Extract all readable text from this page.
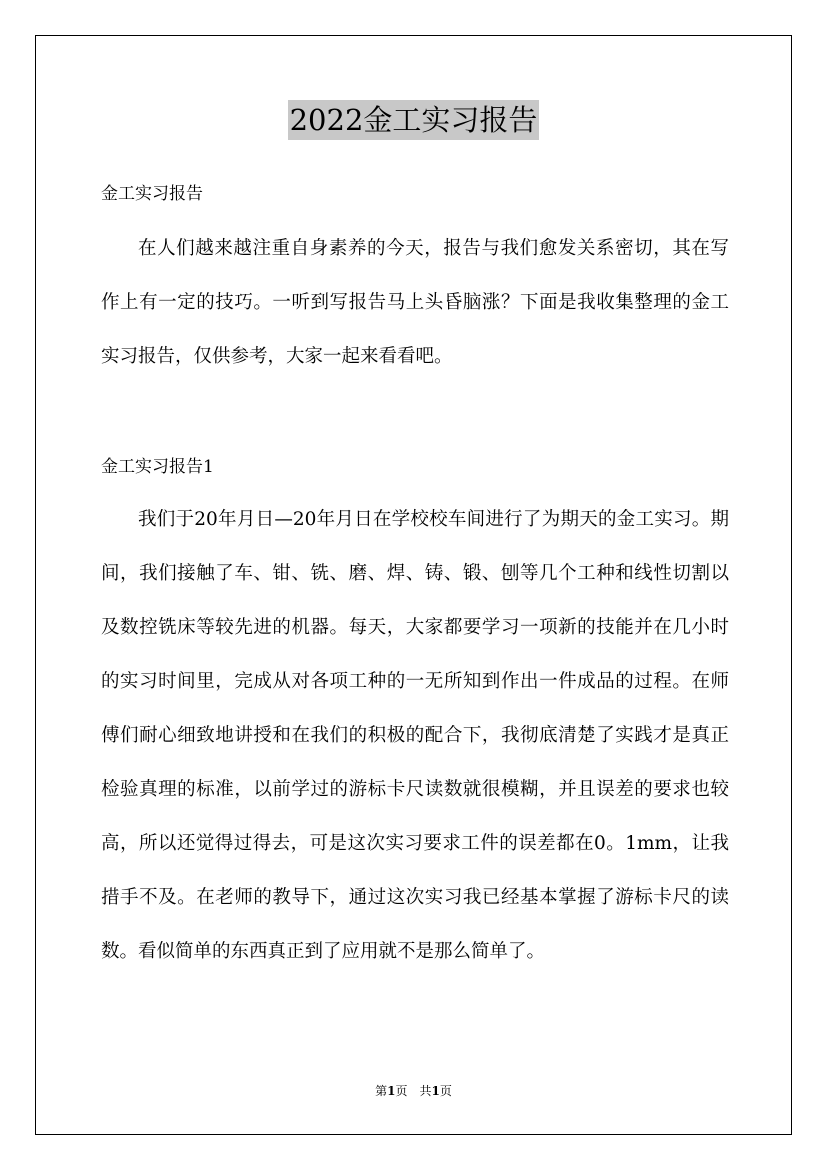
2022金工实习报告
金工实习报告

在人们越来越注重自身素养的今天，报告与我们愈发关系密切，其在写作上有一定的技巧。一听到写报告马上头昏脑涨？下面是我收集整理的金工实习报告，仅供参考，大家一起来看看吧。

金工实习报告1

我们于20年月日—20年月日在学校校车间进行了为期天的金工实习。期间，我们接触了车、钳、铣、磨、焊、铸、锻、刨等几个工种和线性切割以及数控铣床等较先进的机器。每天，大家都要学习一项新的技能并在几小时的实习时间里，完成从对各项工种的一无所知到作出一件成品的过程。在师傅们耐心细致地讲授和在我们的积极的配合下，我彻底清楚了实践才是真正检验真理的标准，以前学过的游标卡尺读数就很模糊，并且误差的要求也较高，所以还觉得过得去，可是这次实习要求工件的误差都在0。1mm，让我措手不及。在老师的教导下，通过这次实习我已经基本掌握了游标卡尺的读数。看似简单的东西真正到了应用就不是那么简单了。

第1页　共1页
